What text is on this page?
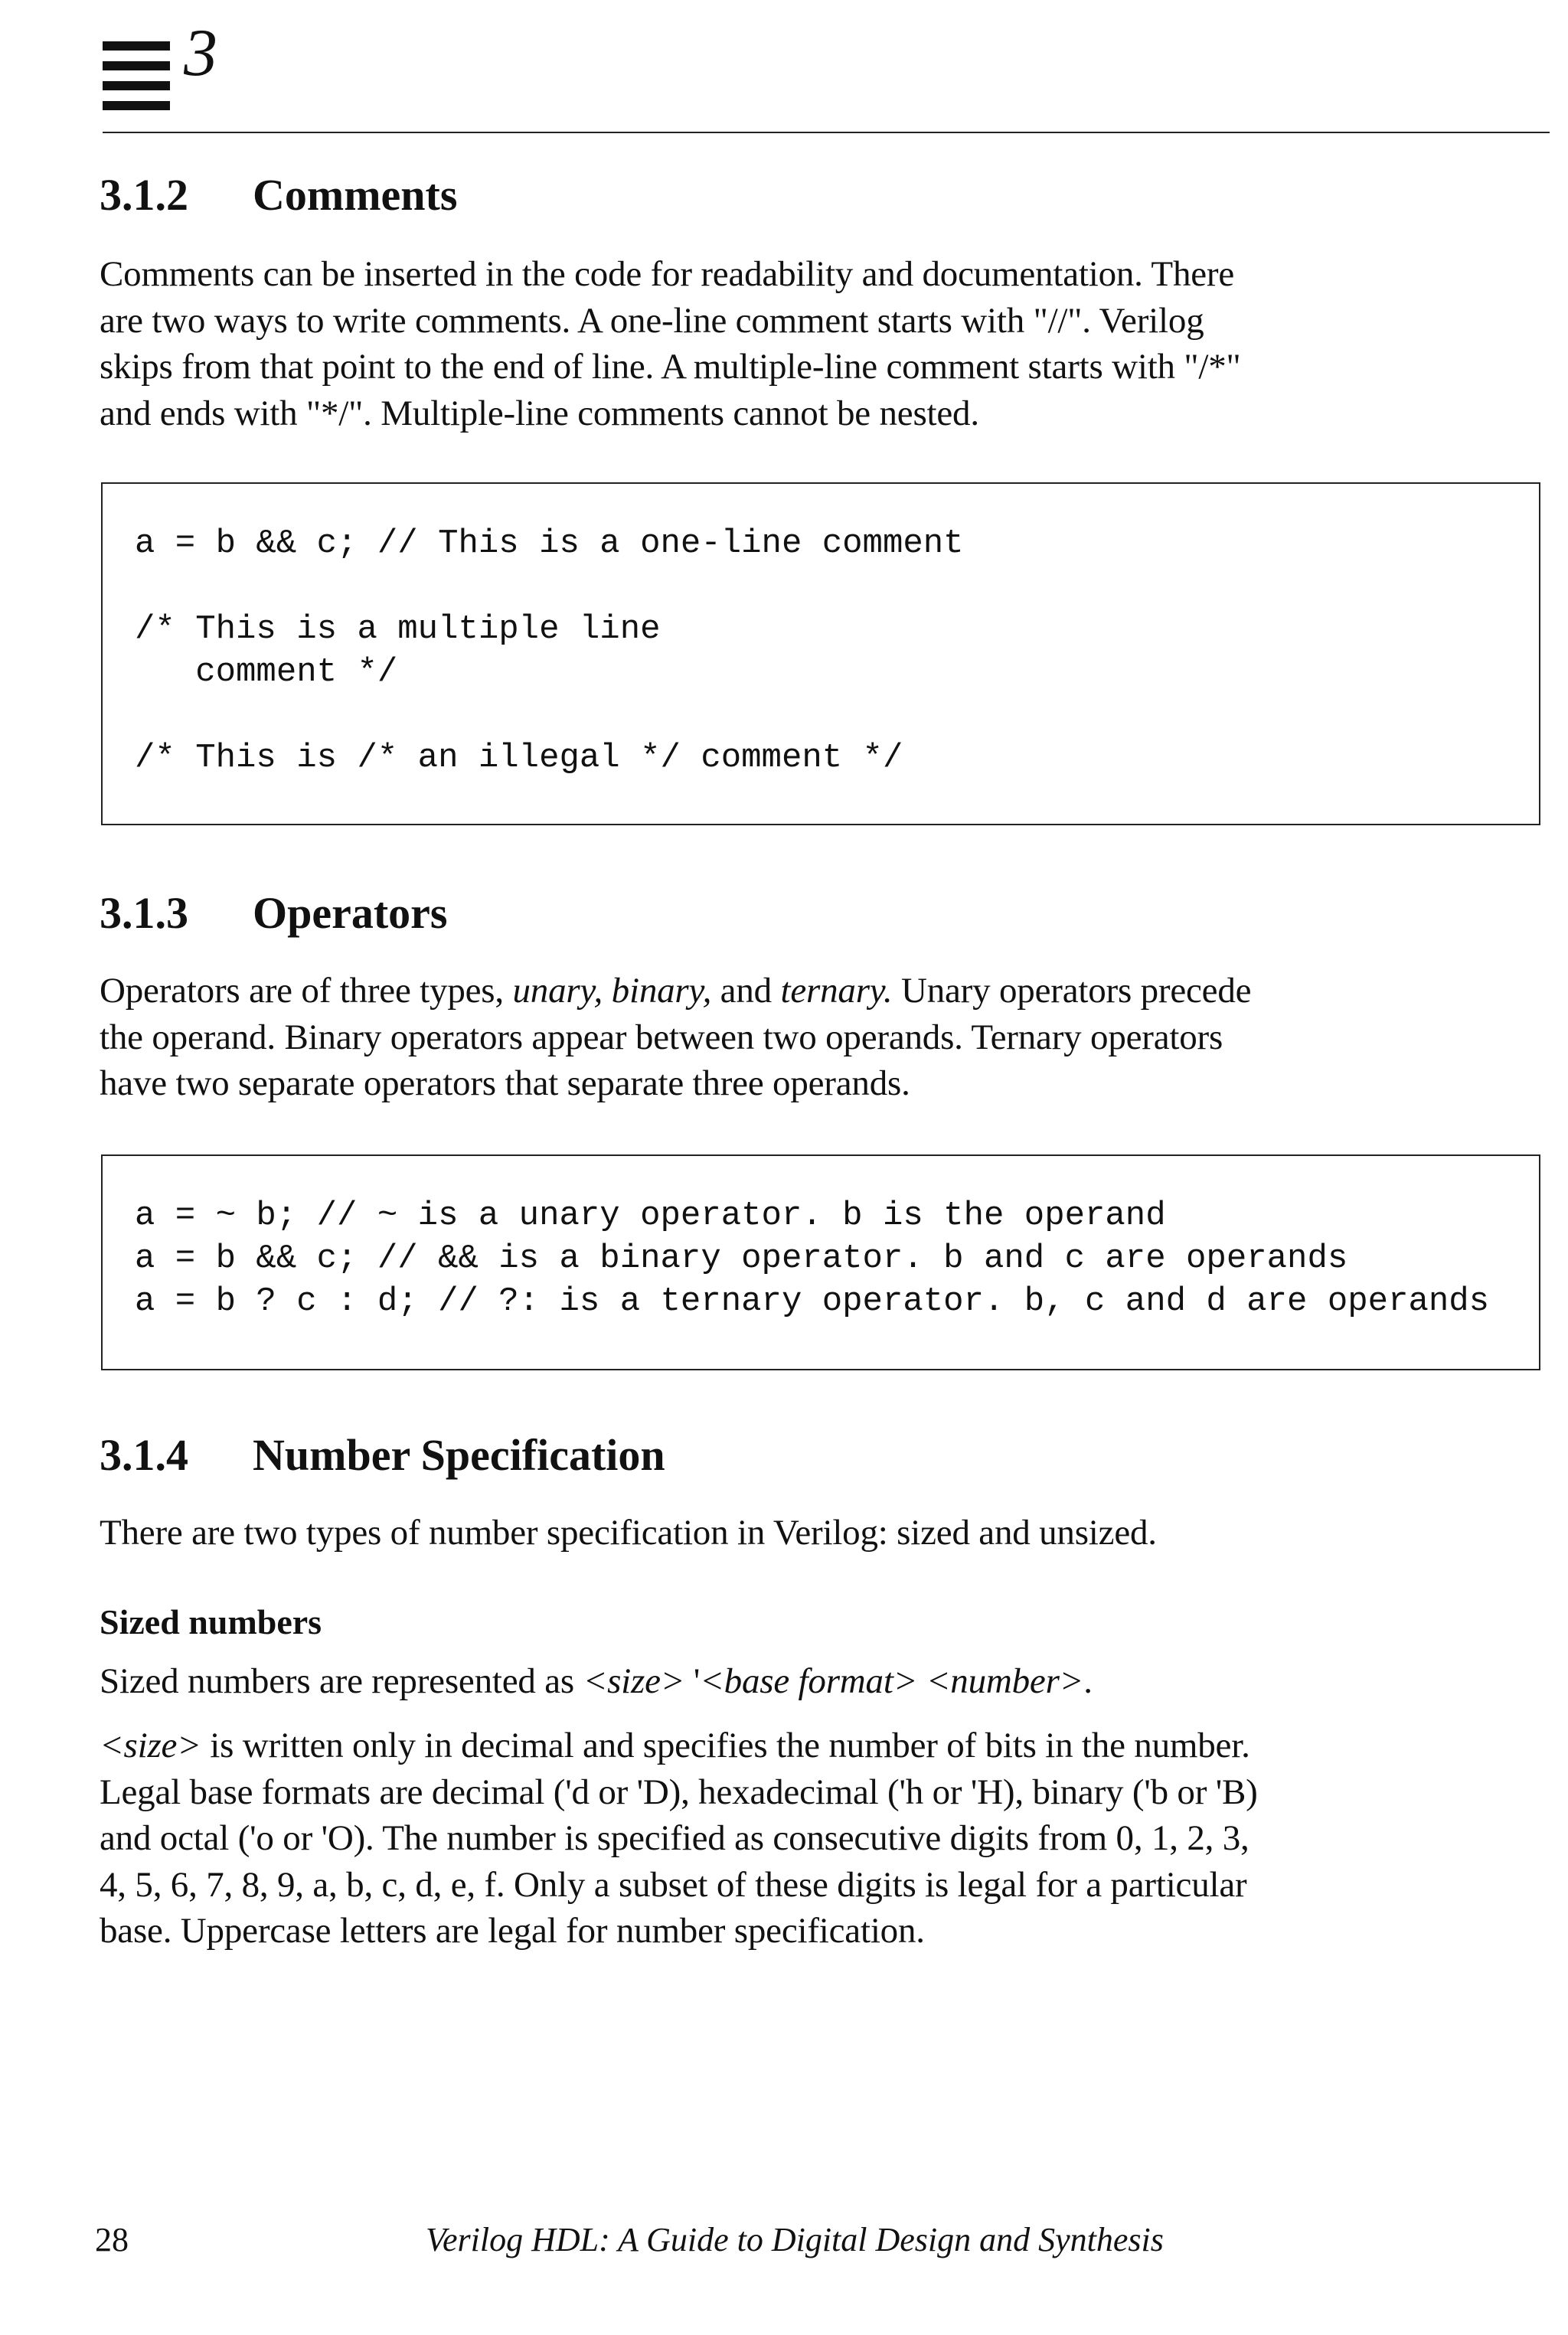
3
3.1.2 Comments
Comments can be inserted in the code for readability and documentation. There
are two ways to write comments. A one-line comment starts with "//". Verilog
skips from that point to the end of line. A multiple-line comment starts with "/*"
and ends with "*/". Multiple-line comments cannot be nested.
a = b && c; // This is a one-line comment

/* This is a multiple line
comment */

/* This is /* an illegal */ comment */
3.1.3 Operators
Operators are of three types, unary, binary, and ternary. Unary operators precede
the operand. Binary operators appear between two operands. Ternary operators
have two separate operators that separate three operands.
a = ~ b; // ~ is a unary operator. b is the operand
a = b && c; // && is a binary operator. b and c are operands
a = b ? c : d; // ?: is a ternary operator. b, c and d are operands
3.1.4 Number Specification
There are two types of number specification in Verilog: sized and unsized.
Sized numbers
Sized numbers are represented as <size> '<base format> <number>.
<size> is written only in decimal and specifies the number of bits in the number.
Legal base formats are decimal ('d or 'D), hexadecimal ('h or 'H), binary ('b or 'B)
and octal ('o or 'O). The number is specified as consecutive digits from 0, 1, 2, 3,
4, 5, 6, 7, 8, 9, a, b, c, d, e, f. Only a subset of these digits is legal for a particular
base. Uppercase letters are legal for number specification.
28	Verilog HDL: A Guide to Digital Design and Synthesis
